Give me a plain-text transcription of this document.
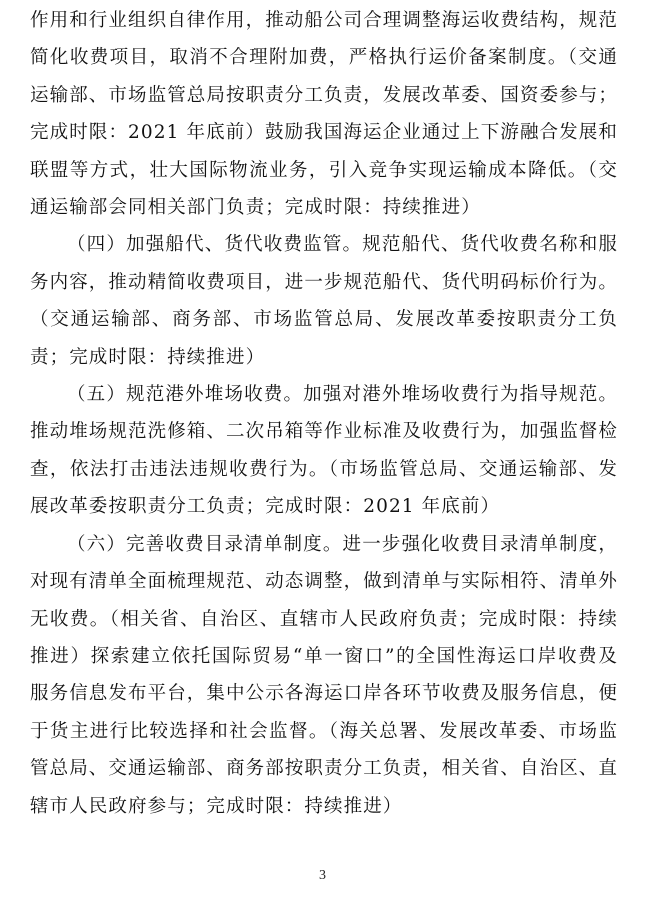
作用和行业组织自律作用，推动船公司合理调整海运收费结构，规范简化收费项目，取消不合理附加费，严格执行运价备案制度。（交通运输部、市场监管总局按职责分工负责，发展改革委、国资委参与；完成时限：2021 年底前）鼓励我国海运企业通过上下游融合发展和联盟等方式，壮大国际物流业务，引入竞争实现运输成本降低。（交通运输部会同相关部门负责；完成时限：持续推进）

（四）加强船代、货代收费监管。规范船代、货代收费名称和服务内容，推动精简收费项目，进一步规范船代、货代明码标价行为。（交通运输部、商务部、市场监管总局、发展改革委按职责分工负责；完成时限：持续推进）

（五）规范港外堆场收费。加强对港外堆场收费行为指导规范。推动堆场规范洗修箱、二次吊箱等作业标准及收费行为，加强监督检查，依法打击违法违规收费行为。（市场监管总局、交通运输部、发展改革委按职责分工负责；完成时限：2021 年底前）

（六）完善收费目录清单制度。进一步强化收费目录清单制度，对现有清单全面梳理规范、动态调整，做到清单与实际相符、清单外无收费。（相关省、自治区、直辖市人民政府负责；完成时限：持续推进）探索建立依托国际贸易“单一窗口”的全国性海运口岸收费及服务信息发布平台，集中公示各海运口岸各环节收费及服务信息，便于货主进行比较选择和社会监督。（海关总署、发展改革委、市场监管总局、交通运输部、商务部按职责分工负责，相关省、自治区、直辖市人民政府参与；完成时限：持续推进）

3
